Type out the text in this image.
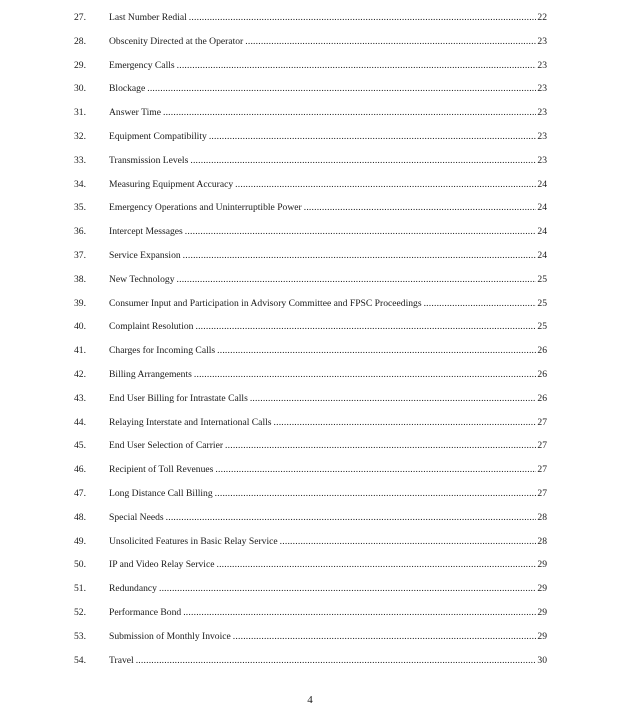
27. Last Number Redial .....	22
28. Obscenity Directed at the Operator .....	23
29. Emergency Calls .....	23
30. Blockage .....	23
31. Answer Time .....	23
32. Equipment Compatibility .....	23
33. Transmission Levels .....	23
34. Measuring Equipment Accuracy .....	24
35. Emergency Operations and Uninterruptible Power .....	24
36. Intercept Messages .....	24
37. Service Expansion .....	24
38. New Technology .....	25
39. Consumer Input and Participation in Advisory Committee and FPSC Proceedings .....	25
40. Complaint Resolution .....	25
41. Charges for Incoming Calls .....	26
42. Billing Arrangements .....	26
43. End User Billing for Intrastate Calls .....	26
44. Relaying Interstate and International Calls .....	27
45. End User Selection of Carrier .....	27
46. Recipient of Toll Revenues .....	27
47. Long Distance Call Billing .....	27
48. Special Needs .....	28
49. Unsolicited Features in Basic Relay Service .....	28
50. IP and Video Relay Service .....	29
51. Redundancy .....	29
52. Performance Bond .....	29
53. Submission of Monthly Invoice .....	29
54. Travel .....	30
4
